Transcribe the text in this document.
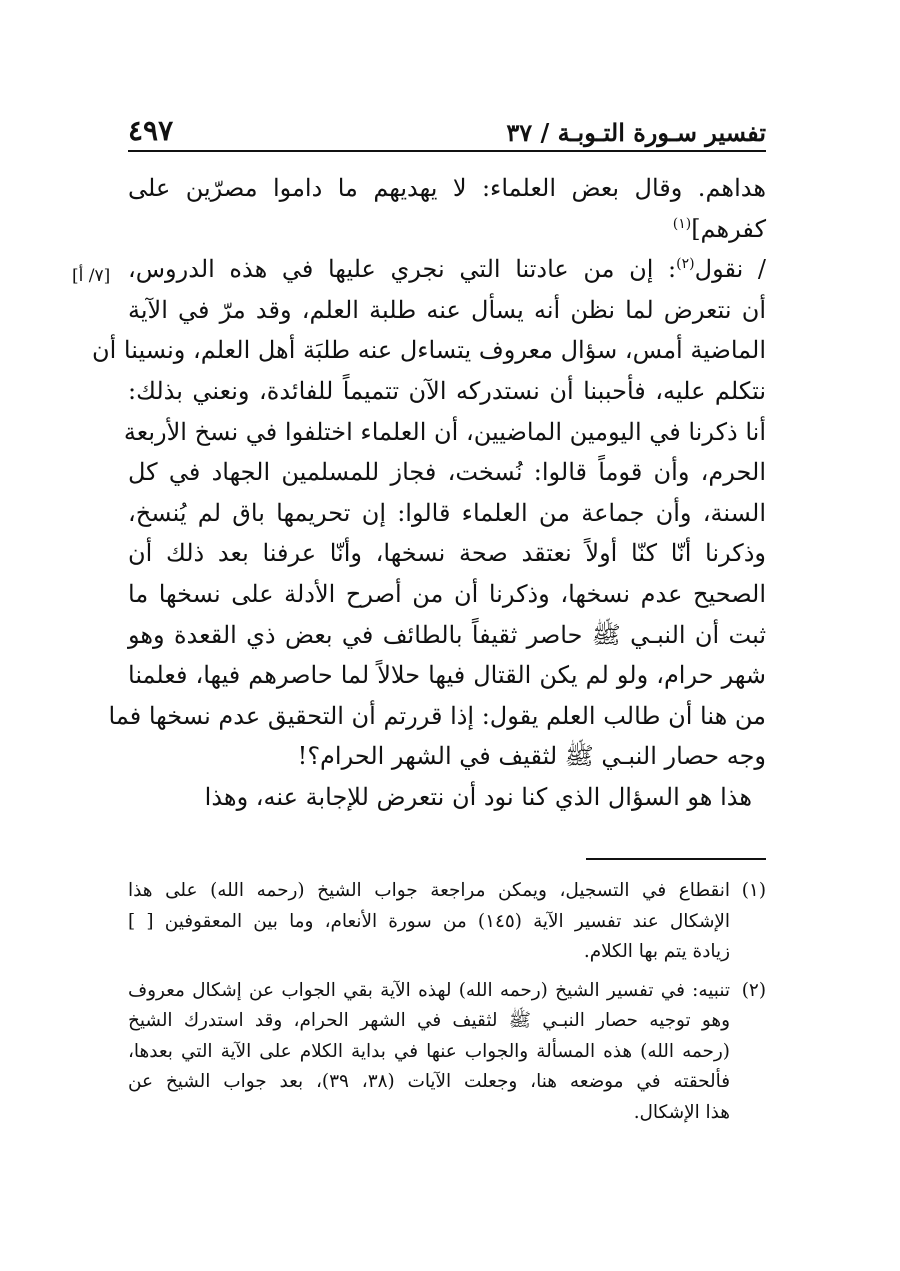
تفسير سـورة التـوبـة / ٣٧
٤٩٧
[٧/ أ]
هداهم. وقال بعض العلماء: لا يهديهم ما داموا مصرّين على
كفرهم]$^{(١)}$
/ نقول$^{(٢)}$: إن من عادتنا التي نجري عليها في هذه الدروس،
أن نتعرض لما نظن أنه يسأل عنه طلبة العلم، وقد مرّ في الآية
الماضية أمس، سؤال معروف يتساءل عنه طلبَة أهل العلم، ونسينا أن
نتكلم عليه، فأحببنا أن نستدركه الآن تتميماً للفائدة، ونعني بذلك:
أنا ذكرنا في اليومين الماضيين، أن العلماء اختلفوا في نسخ الأربعة
الحرم، وأن قوماً قالوا: نُسخت، فجاز للمسلمين الجهاد في كل
السنة، وأن جماعة من العلماء قالوا: إن تحريمها باق لم يُنسخ،
وذكرنا أنّا كنّا أولاً نعتقد صحة نسخها، وأنّا عرفنا بعد ذلك أن
الصحيح عدم نسخها، وذكرنا أن من أصرح الأدلة على نسخها ما
ثبت أن النبـي ﷺ حاصر ثقيفاً بالطائف في بعض ذي القعدة وهو
شهر حرام، ولو لم يكن القتال فيها حلالاً لما حاصرهم فيها، فعلمنا
من هنا أن طالب العلم يقول: إذا قررتم أن التحقيق عدم نسخها فما
وجه حصار النبـي ﷺ لثقيف في الشهر الحرام؟!
هذا هو السؤال الذي كنا نود أن نتعرض للإجابة عنه، وهذا
(١)
انقطاع في التسجيل، ويمكن مراجعة جواب الشيخ (رحمه الله) على هذا
الإشكال عند تفسير الآية (١٤٥) من سورة الأنعام، وما بين المعقوفين [ ]
زيادة يتم بها الكلام.
(٢)
تنبيه: في تفسير الشيخ (رحمه الله) لهذه الآية بقي الجواب عن إشكال معروف
وهو توجيه حصار النبـي ﷺ لثقيف في الشهر الحرام، وقد استدرك الشيخ
(رحمه الله) هذه المسألة والجواب عنها في بداية الكلام على الآية التي بعدها،
فألحقته في موضعه هنا، وجعلت الآيات (٣٨، ٣٩)، بعد جواب الشيخ عن
هذا الإشكال.
